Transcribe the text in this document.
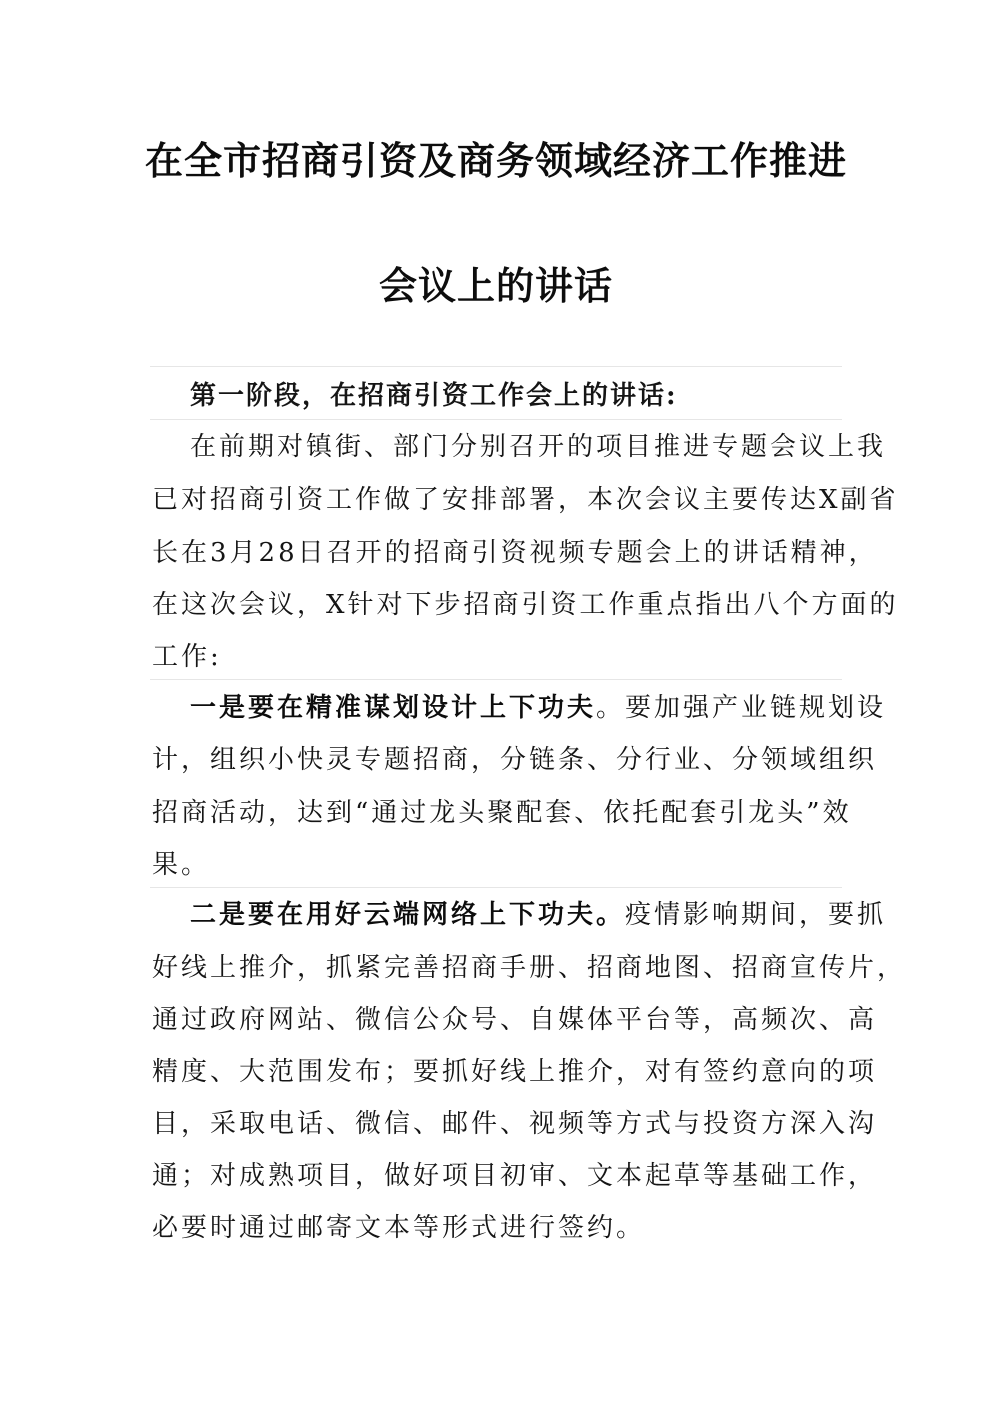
在全市招商引资及商务领域经济工作推进
会议上的讲话
第一阶段，在招商引资工作会上的讲话:
在前期对镇街、部门分别召开的项目推进专题会议上我
已对招商引资工作做了安排部署，本次会议主要传达X副省
长在3月28日召开的招商引资视频专题会上的讲话精神，
在这次会议，X针对下步招商引资工作重点指出八个方面的
工作:
一是要在精准谋划设计上下功夫。要加强产业链规划设
计，组织小快灵专题招商，分链条、分行业、分领域组织
招商活动，达到“通过龙头聚配套、依托配套引龙头”效
果。
二是要在用好云端网络上下功夫。疫情影响期间，要抓
好线上推介，抓紧完善招商手册、招商地图、招商宣传片，
通过政府网站、微信公众号、自媒体平台等，高频次、高
精度、大范围发布；要抓好线上推介，对有签约意向的项
目，采取电话、微信、邮件、视频等方式与投资方深入沟
通；对成熟项目，做好项目初审、文本起草等基础工作，
必要时通过邮寄文本等形式进行签约。
